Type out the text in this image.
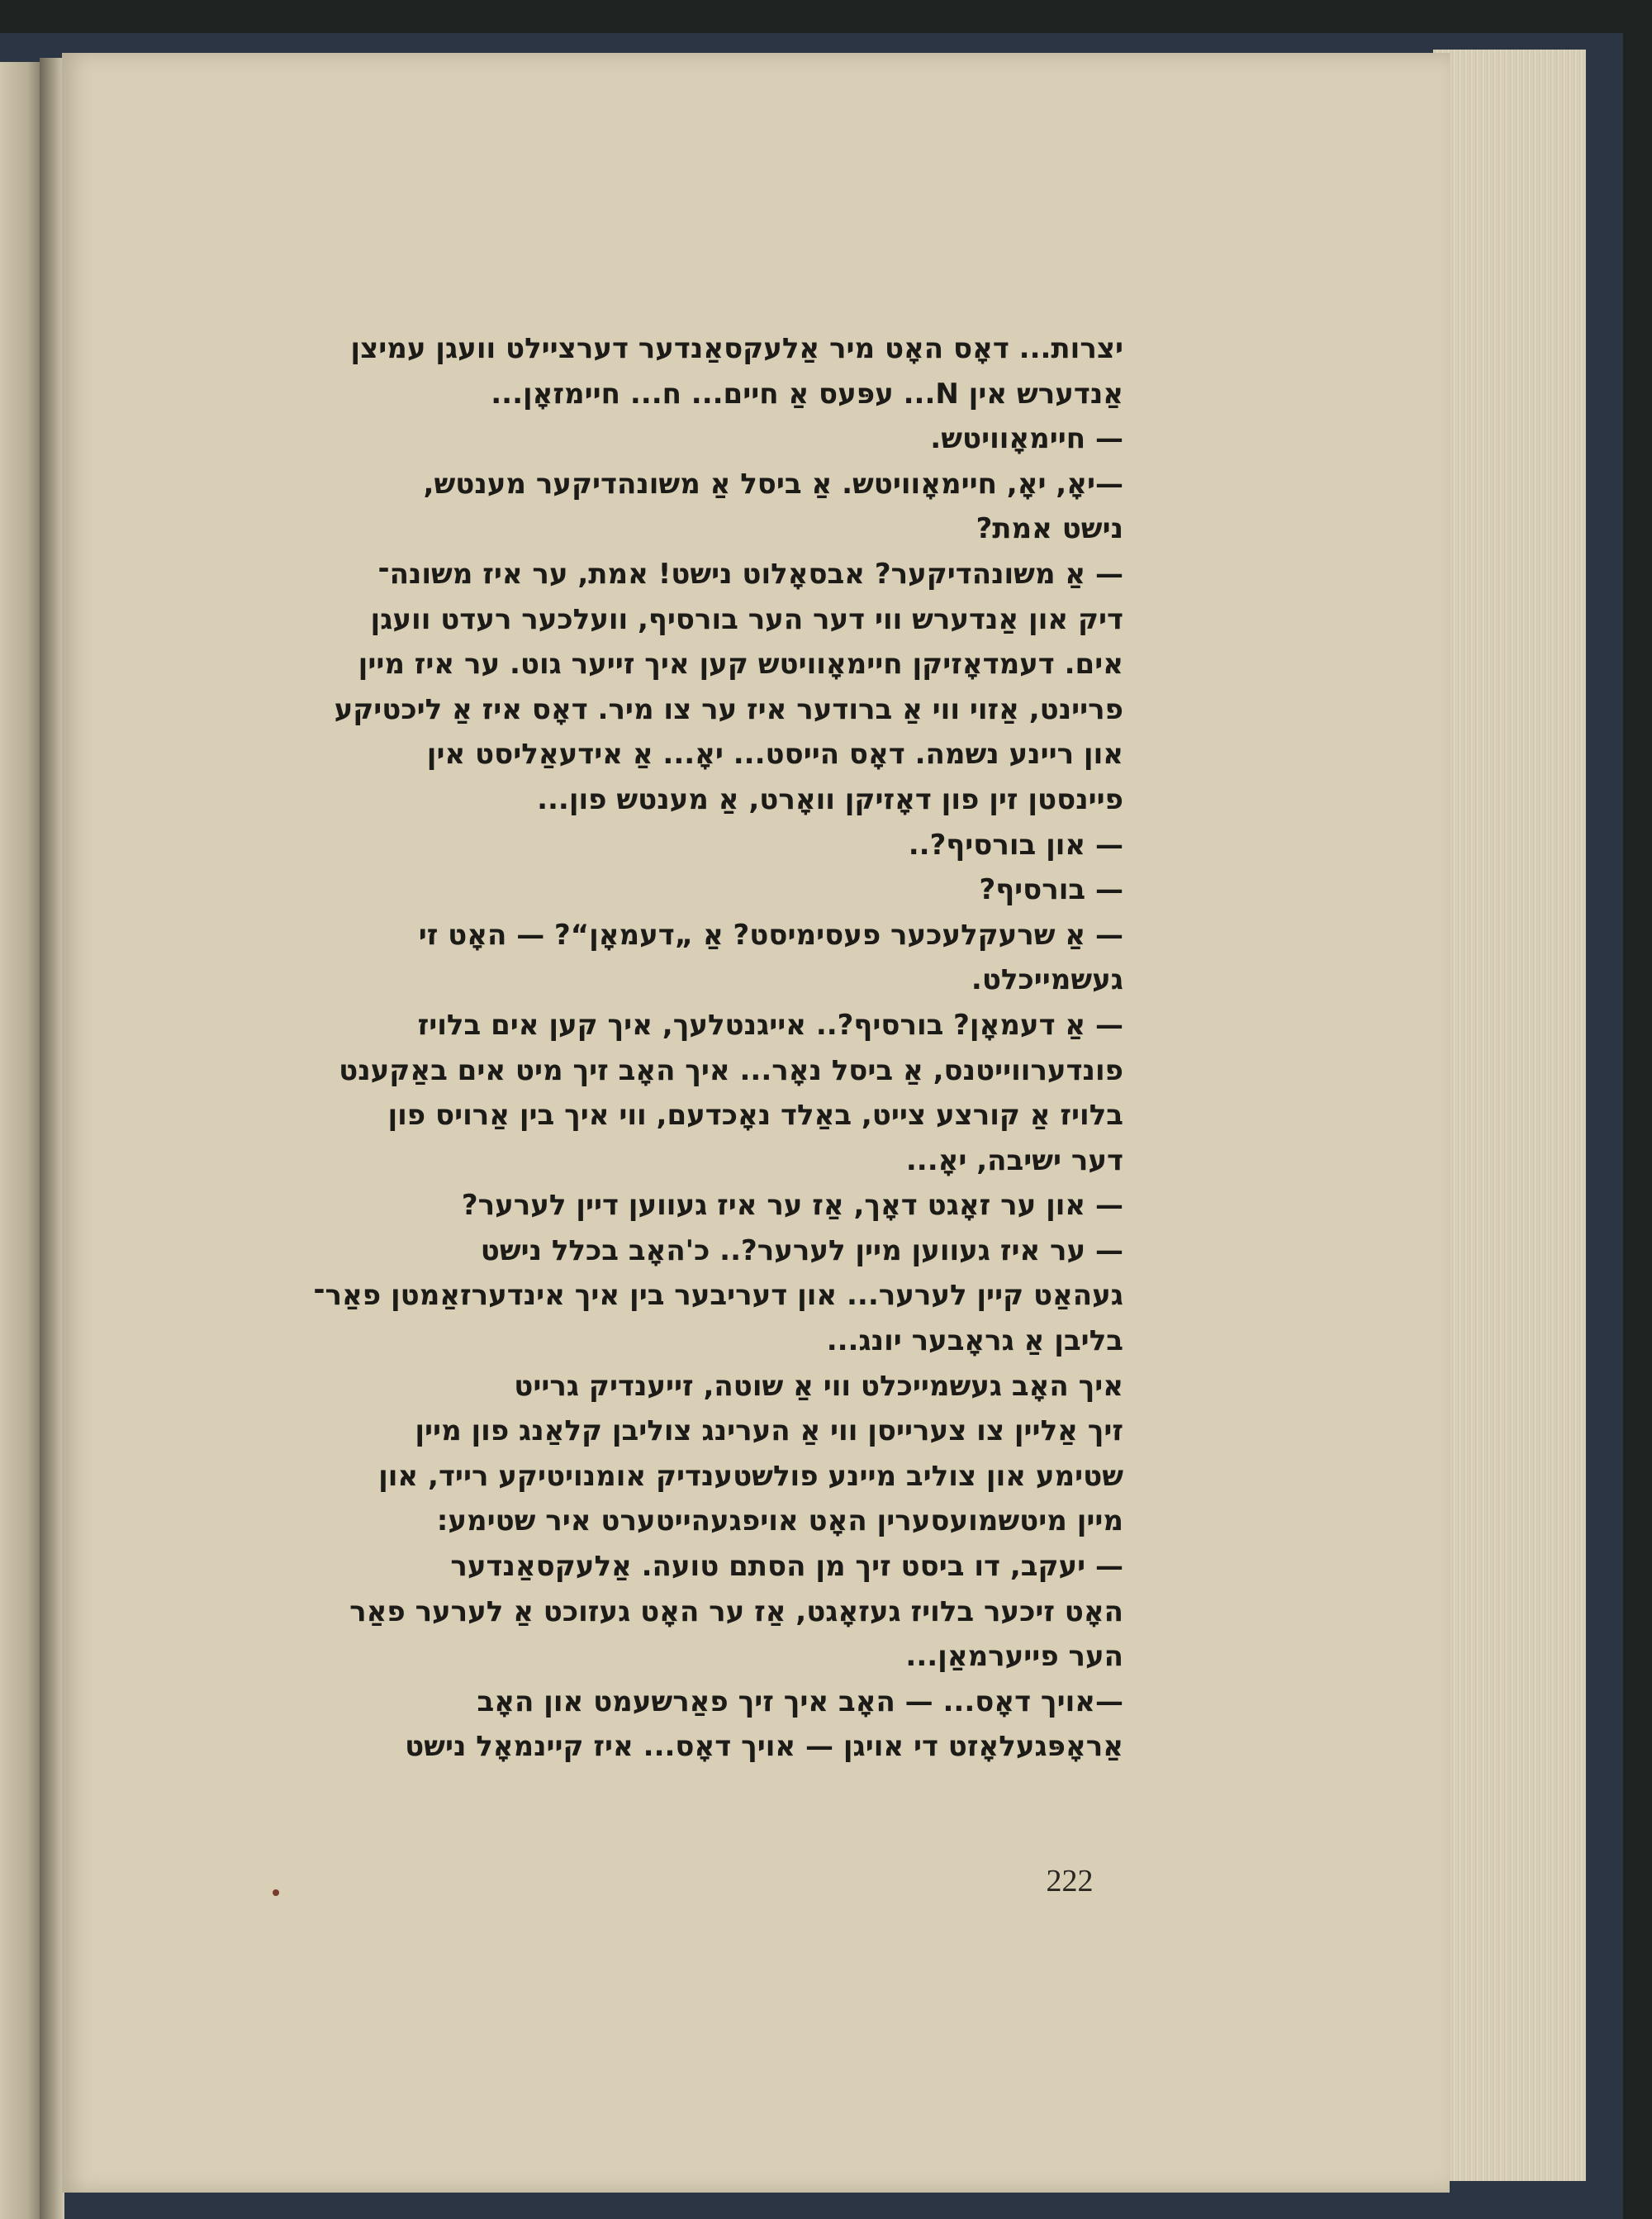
יצרות... דאָס האָט מיר אַלעקסאַנדער דערציילט וועגן עמיצן
אַנדערש אין N... עפּעס אַ חיים... ח... חיימזאָן...
— חיימאָוויטש.
—יאָ, יאָ, חיימאָוויטש. אַ ביסל אַ משונהדיקער מענטש,
נישט אמת?
— אַ משונהדיקער? אבסאָלוט נישט! אמת, ער איז משונה־
דיק און אַנדערש ווי דער הער בורסיף, וועלכער רעדט וועגן
אים. דעמדאָזיקן חיימאָוויטש קען איך זייער גוט. ער איז מיין
פריינט, אַזוי ווי אַ ברודער איז ער צו מיר. דאָס איז אַ ליכטיקע
און ריינע נשמה. דאָס הייסט... יאָ... אַ אידעאַליסט אין
פיינסטן זין פון דאָזיקן וואָרט, אַ מענטש פון...
— און בורסיף?..
— בורסיף?
— אַ שרעקלעכער פעסימיסט? אַ „דעמאָן“? — האָט זי
געשמייכלט.
— אַ דעמאָן? בורסיף?.. אייגנטלעך, איך קען אים בלויז
פונדערווייטנס, אַ ביסל נאָר... איך האָב זיך מיט אים באַקענט
בלויז אַ קורצע צייט, באַלד נאָכדעם, ווי איך בין אַרויס פון
דער ישיבה, יאָ...
— און ער זאָגט דאָך, אַז ער איז געווען דיין לערער?
— ער איז געווען מיין לערער?.. כ'האָב בכלל נישט
געהאַט קיין לערער... און דעריבער בין איך אינדערזאַמטן פאַר־
בליבן אַ גראָבער יונג...
איך האָב געשמייכלט ווי אַ שוטה, זייענדיק גרייט
זיך אַליין צו צערייסן ווי אַ הערינג צוליבן קלאַנג פון מיין
שטימע און צוליב מיינע פולשטענדיק אומנויטיקע רייד, און
מיין מיטשמועסערין האָט אויפגעהייטערט איר שטימע:
— יעקב, דו ביסט זיך מן הסתם טועה. אַלעקסאַנדער
האָט זיכער בלויז געזאָגט, אַז ער האָט געזוכט אַ לערער פאַר
הער פייערמאַן...
—אויך דאָס... — האָב איך זיך פאַרשעמט און האָב
אַראָפּגעלאָזט די אויגן — אויך דאָס... איז קיינמאָל נישט
222
